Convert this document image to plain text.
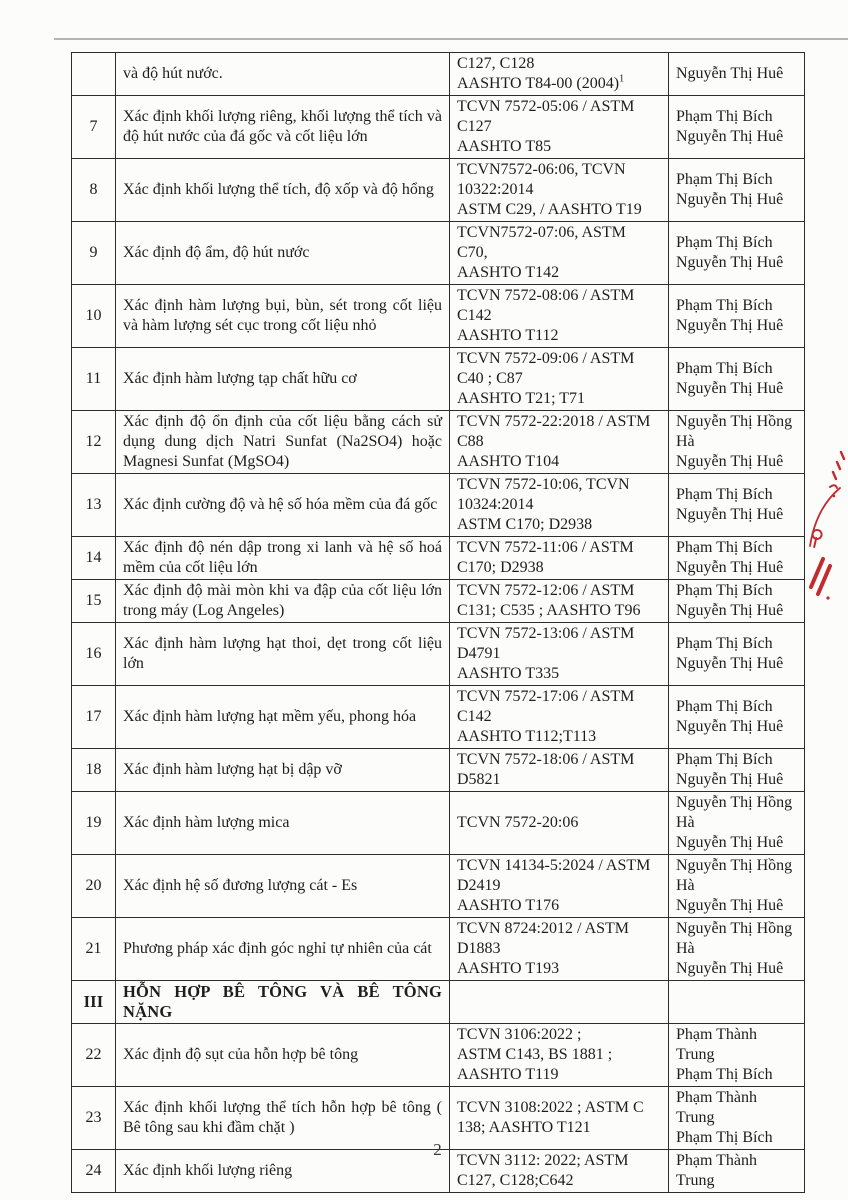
	và độ hút nước.	C127, C128
AASHTO T84-00 (2004)$^1$	Nguyễn Thị Huê

7	Xác định khối lượng riêng, khối lượng thể tích và độ hút nước của đá gốc và cốt liệu lớn	TCVN 7572-05:06 / ASTM
C127
AASHTO T85	Phạm Thị Bích
Nguyễn Thị Huê

8	Xác định khối lượng thể tích, độ xốp và độ hổng	TCVN7572-06:06, TCVN
10322:2014
ASTM C29, / AASHTO T19	Phạm Thị Bích
Nguyễn Thị Huê

9	Xác định độ ẩm, độ hút nước	TCVN7572-07:06, ASTM
C70,
AASHTO T142	Phạm Thị Bích
Nguyễn Thị Huê

10	Xác định hàm lượng bụi, bùn, sét trong cốt liệu và hàm lượng sét cục trong cốt liệu nhỏ	TCVN 7572-08:06 / ASTM
C142
AASHTO T112	Phạm Thị Bích
Nguyễn Thị Huê

11	Xác định hàm lượng tạp chất hữu cơ	TCVN 7572-09:06 / ASTM
C40 ; C87
AASHTO T21; T71	Phạm Thị Bích
Nguyễn Thị Huê

12	Xác định độ ổn định của cốt liệu bằng cách sử dụng dung dịch Natri Sunfat (Na2SO4) hoặc Magnesi Sunfat (MgSO4)	TCVN 7572-22:2018 / ASTM
C88
AASHTO T104	Nguyễn Thị Hồng Hà
Nguyễn Thị Huê

13	Xác định cường độ và hệ số hóa mềm của đá gốc	TCVN 7572-10:06, TCVN
10324:2014
ASTM C170; D2938	Phạm Thị Bích
Nguyễn Thị Huê

14	Xác định độ nén dập trong xi lanh và hệ số hoá mềm của cốt liệu lớn	TCVN 7572-11:06 / ASTM
C170; D2938	Phạm Thị Bích
Nguyễn Thị Huê

15	Xác định độ mài mòn khi va đập của cốt liệu lớn trong máy (Log Angeles)	TCVN 7572-12:06 / ASTM
C131; C535 ; AASHTO T96	Phạm Thị Bích
Nguyễn Thị Huê

16	Xác định hàm lượng hạt thoi, dẹt trong cốt liệu lớn	TCVN 7572-13:06 / ASTM
D4791
AASHTO T335	Phạm Thị Bích
Nguyễn Thị Huê

17	Xác định hàm lượng hạt mềm yếu, phong hóa	TCVN 7572-17:06 / ASTM
C142
AASHTO T112;T113	Phạm Thị Bích
Nguyễn Thị Huê

18	Xác định hàm lượng hạt bị dập vỡ	TCVN 7572-18:06 / ASTM
D5821	Phạm Thị Bích
Nguyễn Thị Huê

19	Xác định hàm lượng mica	TCVN 7572-20:06	Nguyễn Thị Hồng Hà
Nguyễn Thị Huê

20	Xác định hệ số đương lượng cát - Es	TCVN 14134-5:2024 / ASTM
D2419
AASHTO T176	Nguyễn Thị Hồng Hà
Nguyễn Thị Huê

21	Phương pháp xác định góc nghỉ tự nhiên của cát	TCVN 8724:2012 / ASTM
D1883
AASHTO T193	Nguyễn Thị Hồng Hà
Nguyễn Thị Huê

III	HỖN HỢP BÊ TÔNG VÀ BÊ TÔNG NẶNG		
22	Xác định độ sụt của hỗn hợp bê tông	TCVN 3106:2022 ;
ASTM C143, BS 1881 ;
AASHTO T119	Phạm Thành Trung
Phạm Thị Bích

23	Xác định khối lượng thể tích hỗn hợp bê tông ( Bê tông sau khi đầm chặt )	TCVN 3108:2022 ; ASTM C
138; AASHTO T121	Phạm Thành Trung
Phạm Thị Bích

24	Xác định khối lượng riêng	TCVN 3112: 2022; ASTM
C127, C128;C642	Phạm Thành Trung
2
